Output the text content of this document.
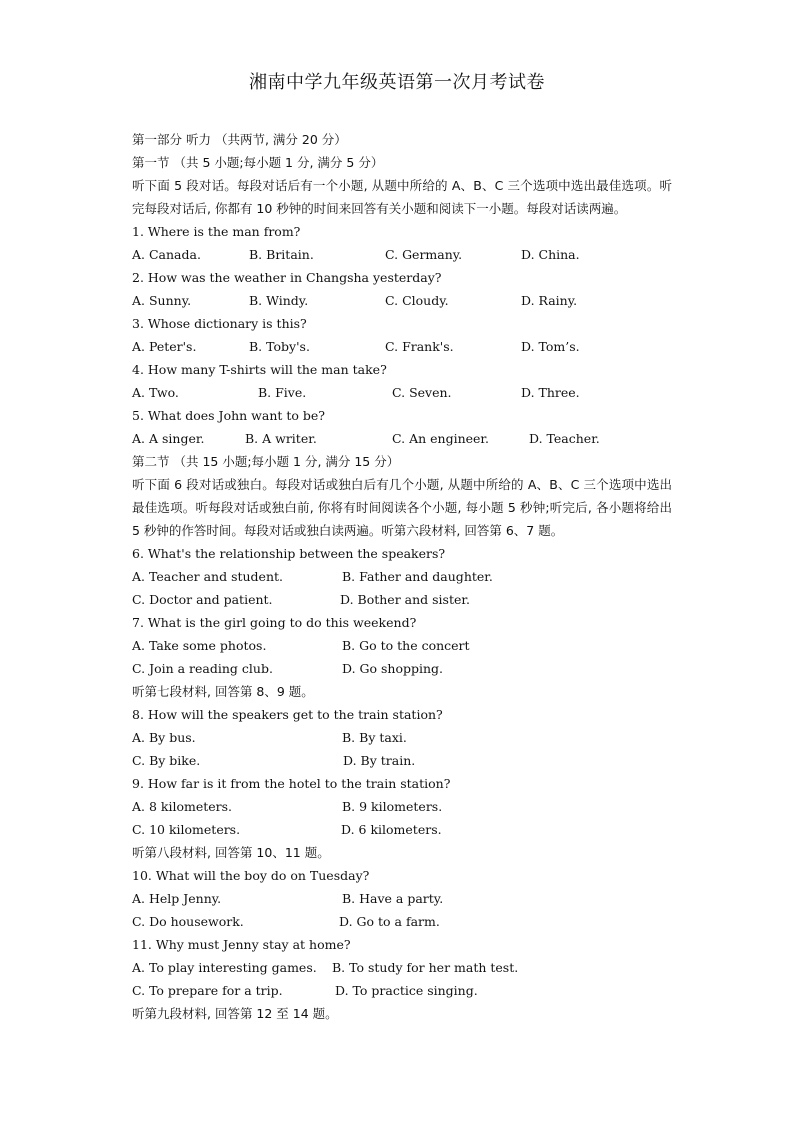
湘南中学九年级英语第一次月考试卷
第一部分 听力 （共两节, 满分 20 分）
第一节 （共 5 小题;每小题 1 分, 满分 5 分）
听下面 5 段对话。每段对话后有一个小题, 从题中所给的 A、B、C 三个选项中选出最佳选项。听完每段对话后, 你都有 10 秒钟的时间来回答有关小题和阅读下一小题。每段对话读两遍。
1. Where is the man from?
A. Canada.	B. Britain.	C. Germany.	D. China.
2. How was the weather in Changsha yesterday?
A. Sunny.	B. Windy.	C. Cloudy.	D. Rainy.
3. Whose dictionary is this?
A. Peter's.	B. Toby's.	C. Frank's.	D. Tom’s.
4. How many T-shirts will the man take?
A. Two.	B. Five.	C. Seven.	D. Three.
5. What does John want to be?
A. A singer.	B. A writer.	C. An engineer.	D. Teacher.
第二节 （共 15 小题;每小题 1 分, 满分 15 分）
听下面 6 段对话或独白。每段对话或独白后有几个小题, 从题中所给的 A、B、C 三个选项中选出最佳选项。听每段对话或独白前, 你将有时间阅读各个小题, 每小题 5 秒钟;听完后, 各小题将给出 5 秒钟的作答时间。每段对话或独白读两遍。听第六段材料, 回答第 6、7 题。
6. What's the relationship between the speakers?
A. Teacher and student.	B. Father and daughter.
C. Doctor and patient.	D. Bother and sister.
7. What is the girl going to do this weekend?
A. Take some photos.	B. Go to the concert
C. Join a reading club.	D. Go shopping.
听第七段材料, 回答第 8、9 题。
8. How will the speakers get to the train station?
A. By bus.	B. By taxi.
C. By bike.	D. By train.
9. How far is it from the hotel to the train station?
A. 8 kilometers.	B. 9 kilometers.
C. 10 kilometers.	D. 6 kilometers.
听第八段材料, 回答第 10、11 题。
10. What will the boy do on Tuesday?
A. Help Jenny.	B. Have a party.
C. Do housework.	D. Go to a farm.
11. Why must Jenny stay at home?
A. To play interesting games. B. To study for her math test.
C. To prepare for a trip.	D. To practice singing.
听第九段材料, 回答第 12 至 14 题。
